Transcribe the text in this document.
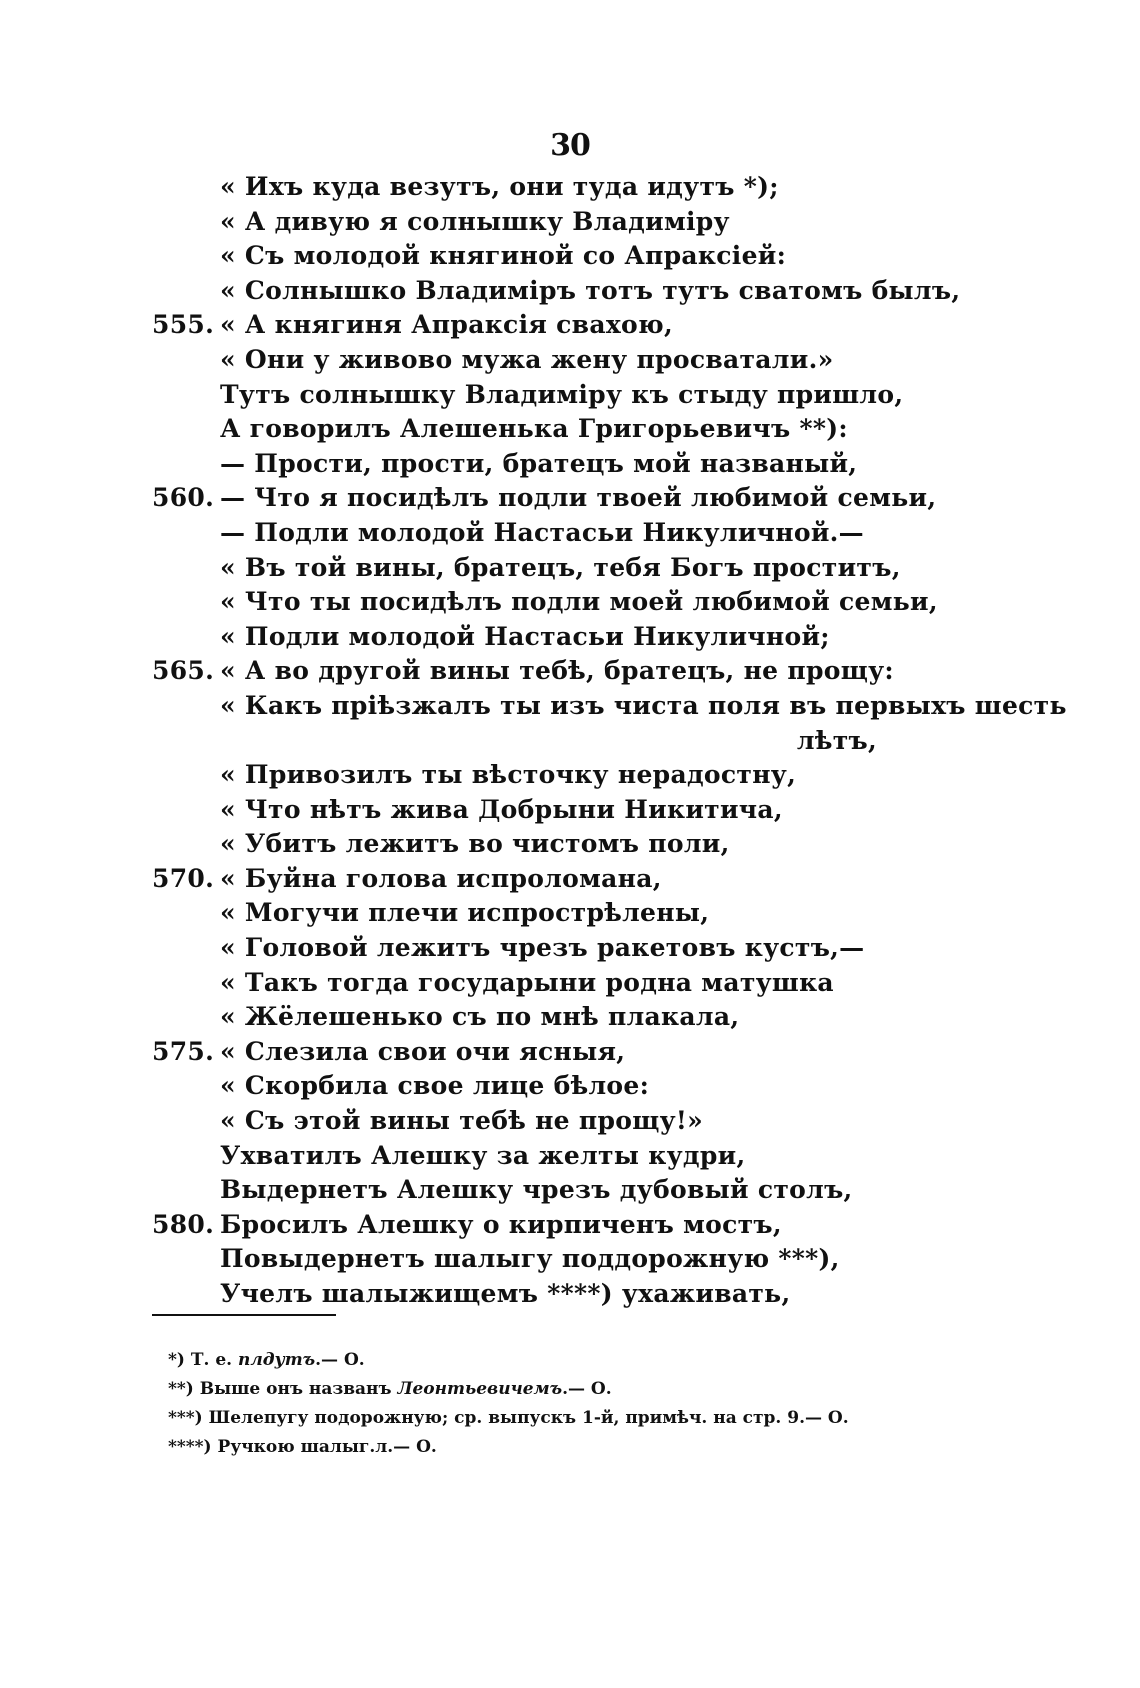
30
« Ихъ куда везутъ, они туда идутъ *);
« А дивую я солнышку Владиміру
« Съ молодой княгиной со Апраксіей:
« Солнышко Владиміръ тотъ тутъ сватомъ былъ,
555. « А княгиня Апраксія свахою,
« Они у живово мужа жену просватали.»
Тутъ солнышку Владиміру къ стыду пришло,
А говорилъ Алешенька Григорьевичъ **):
— Прости, прости, братецъ мой названый,
560. — Что я посидѣлъ подли твоей любимой семьи,
— Подли молодой Настасьи Никуличной.—
« Въ той вины, братецъ, тебя Богъ проститъ,
« Что ты посидѣлъ подли моей любимой семьи,
« Подли молодой Настасьи Никуличной;
565. « А во другой вины тебѣ, братецъ, не прощу:
« Какъ пріѣзжалъ ты изъ чиста поля въ первыхъ шесть
лѣтъ,
« Привозилъ ты вѣсточку нерадостну,
« Что нѣтъ жива Добрыни Никитича,
« Убитъ лежитъ во чистомъ поли,
570. « Буйна голова испроломана,
« Могучи плечи испрострѣлены,
« Головой лежитъ чрезъ ракетовъ кустъ,—
« Такъ тогда государыни родна матушка
« Жёлешенько съ по мнѣ плакала,
575. « Слезила свои очи ясныя,
« Скорбила свое лице бѣлое:
« Съ этой вины тебѣ не прощу!»
Ухватилъ Алешку за желты кудри,
Выдернетъ Алешку чрезъ дубовый столъ,
580. Бросилъ Алешку о кирпиченъ мостъ,
Повыдернетъ шалыгу поддорожную ***),
Учелъ шалыжищемъ ****) ухаживать,
*) Т. е. плдутъ.— О.
**) Выше онъ названъ Леонтьевичемъ.— О.
***) Шелепугу подорожную; ср. выпускъ 1-й, примѣч. на стр. 9.— О.
****) Ручкою шалыг.л.— О.
